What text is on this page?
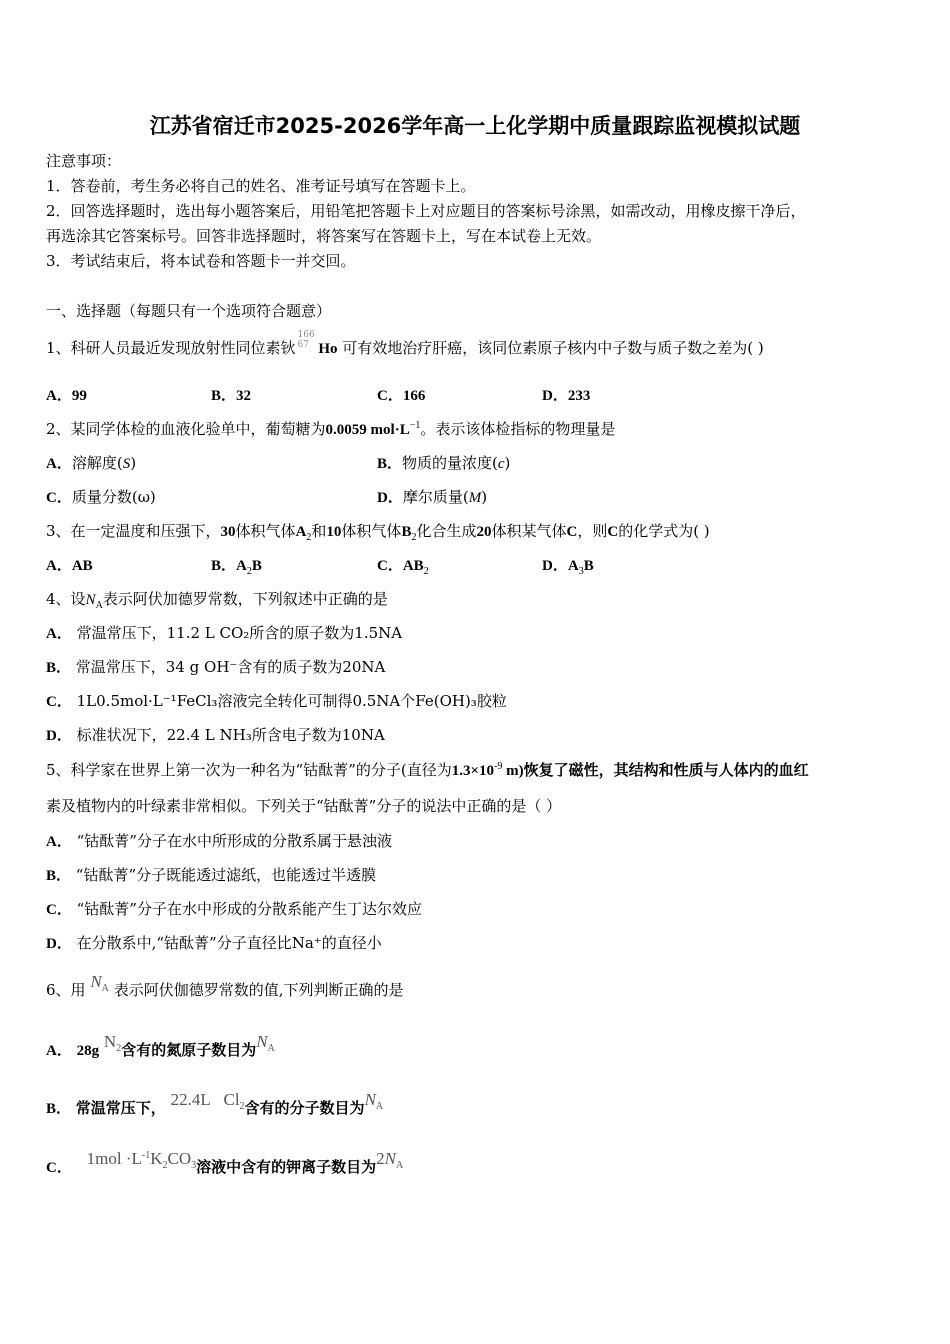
江苏省宿迁市2025-2026学年高一上化学期中质量跟踪监视模拟试题
注意事项：
1．答卷前，考生务必将自己的姓名、准考证号填写在答题卡上。
2．回答选择题时，选出每小题答案后，用铅笔把答题卡上对应题目的答案标号涂黑，如需改动，用橡皮擦干净后，
再选涂其它答案标号。回答非选择题时，将答案写在答题卡上，写在本试卷上无效。
3．考试结束后，将本试卷和答题卡一并交回。
一、选择题（每题只有一个选项符合题意）
1、科研人员最近发现放射性同位素钬
166
67 Ho 可有效地治疗肝癌，该同位素原子核内中子数与质子数之差为( )
A．99	B．32	C．166	D．233
2、某同学体检的血液化验单中，葡萄糖为0.0059 $mol\cdot L^{-1}$。表示该体检指标的物理量是
A．溶解度(S)	B．物质的量浓度(c)
C．质量分数(ω)	D．摩尔质量(M)
3、在一定温度和压强下，30体积气体$A_2$和10体积气体$B_2$化合生成20体积某气体C，则C的化学式为( )
A．AB	B．$A_2B$	C．$AB_2$	D．$A_3B$
4、设$N_A$表示阿伏加德罗常数，下列叙述中正确的是
A． 常温常压下，11.2 L CO₂所含的原子数为1.5NA
B． 常温常压下，34 g OH⁻含有的质子数为20NA
C． 1L0.5mol·L⁻¹FeCl₃溶液完全转化可制得0.5NA个Fe(OH)₃胶粒
D． 标准状况下，22.4 L NH₃所含电子数为10NA
5、科学家在世界上第一次为一种名为“钴酞菁”的分子(直径为$1.3\times 10^{-9}$ m)恢复了磁性，其结构和性质与人体内的血红
素及植物内的叶绿素非常相似。下列关于“钴酞菁”分子的说法中正确的是（ ）
A． “钴酞菁”分子在水中所形成的分散系属于悬浊液
B． “钴酞菁”分子既能透过滤纸，也能透过半透膜
C． “钴酞菁”分子在水中形成的分散系能产生丁达尔效应
D． 在分散系中,“钴酞菁”分子直径比Na⁺的直径小
6、用 $N_A$ 表示阿伏伽德罗常数的值,下列判断正确的是
A． 28g $N_2$含有的氮原子数目为$N_A$
B． 常温常压下， 22.4L   $Cl_2$含有的分子数目为$N_A$
C． $1mol \cdot L^{-1}K_2CO_3$溶液中含有的钾离子数目为$2N_A$
